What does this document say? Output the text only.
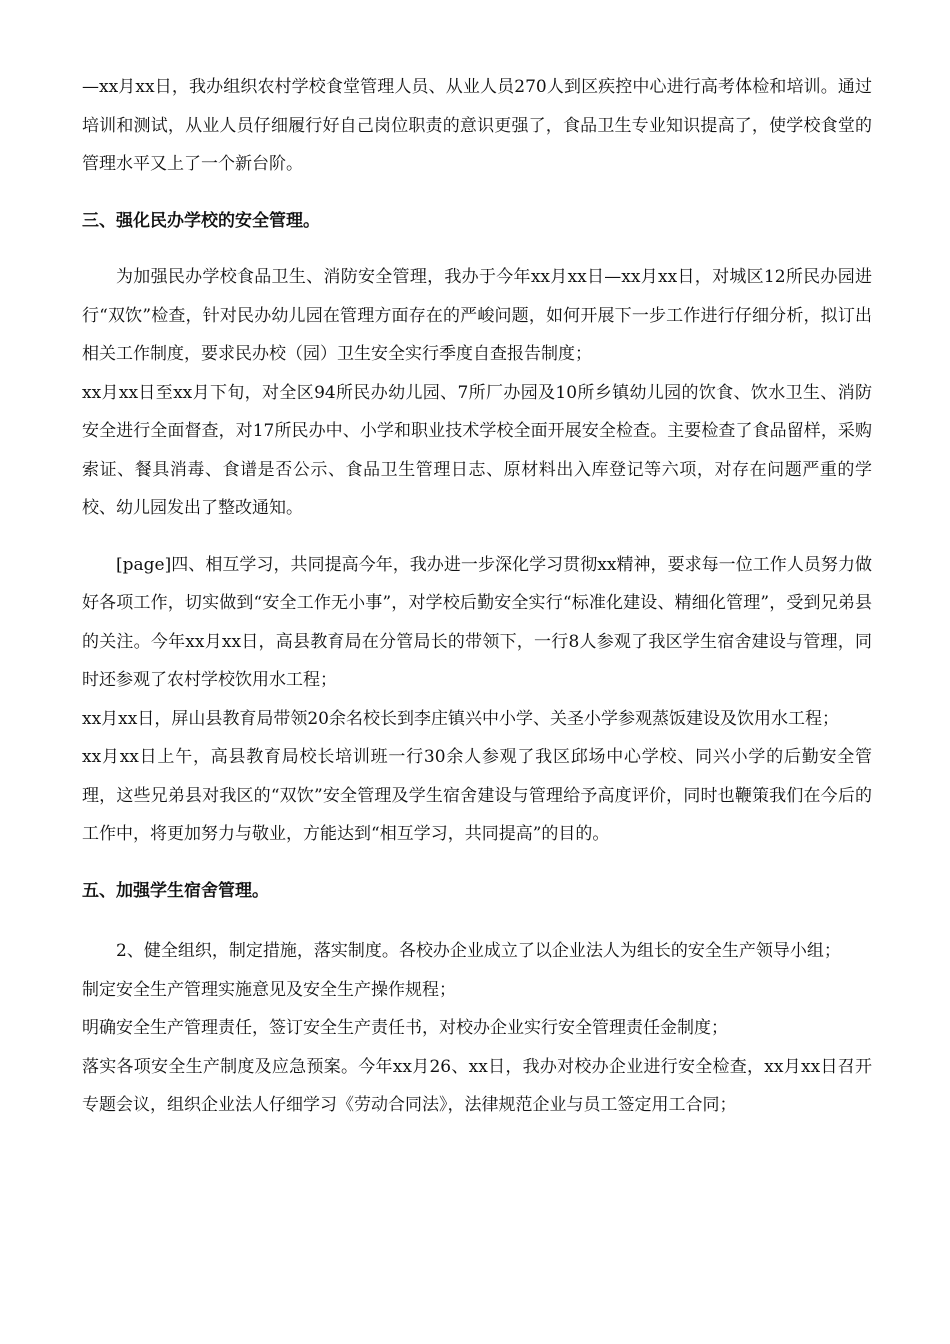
—xx月xx日，我办组织农村学校食堂管理人员、从业人员270人到区疾控中心进行高考体检和培训。通过培训和测试，从业人员仔细履行好自己岗位职责的意识更强了，食品卫生专业知识提高了，使学校食堂的管理水平又上了一个新台阶。

三、强化民办学校的安全管理。

为加强民办学校食品卫生、消防安全管理，我办于今年xx月xx日—xx月xx日，对城区12所民办园进行“双饮”检查，针对民办幼儿园在管理方面存在的严峻问题，如何开展下一步工作进行仔细分析，拟订出相关工作制度，要求民办校（园）卫生安全实行季度自查报告制度；

xx月xx日至xx月下旬，对全区94所民办幼儿园、7所厂办园及10所乡镇幼儿园的饮食、饮水卫生、消防安全进行全面督查，对17所民办中、小学和职业技术学校全面开展安全检查。主要检查了食品留样，采购索证、餐具消毒、食谱是否公示、食品卫生管理日志、原材料出入库登记等六项，对存在问题严重的学校、幼儿园发出了整改通知。

[page]四、相互学习，共同提高今年，我办进一步深化学习贯彻xx精神，要求每一位工作人员努力做好各项工作，切实做到“安全工作无小事”，对学校后勤安全实行“标准化建设、精细化管理”，受到兄弟县的关注。今年xx月xx日，高县教育局在分管局长的带领下，一行8人参观了我区学生宿舍建设与管理，同时还参观了农村学校饮用水工程；

xx月xx日，屏山县教育局带领20余名校长到李庄镇兴中小学、关圣小学参观蒸饭建设及饮用水工程；

xx月xx日上午，高县教育局校长培训班一行30余人参观了我区邱场中心学校、同兴小学的后勤安全管理，这些兄弟县对我区的“双饮”安全管理及学生宿舍建设与管理给予高度评价，同时也鞭策我们在今后的工作中，将更加努力与敬业，方能达到“相互学习，共同提高”的目的。

五、加强学生宿舍管理。

2、健全组织，制定措施，落实制度。各校办企业成立了以企业法人为组长的安全生产领导小组；

制定安全生产管理实施意见及安全生产操作规程；

明确安全生产管理责任，签订安全生产责任书，对校办企业实行安全管理责任金制度；

落实各项安全生产制度及应急预案。今年xx月26、xx日，我办对校办企业进行安全检查，xx月xx日召开专题会议，组织企业法人仔细学习《劳动合同法》，法律规范企业与员工签定用工合同；
